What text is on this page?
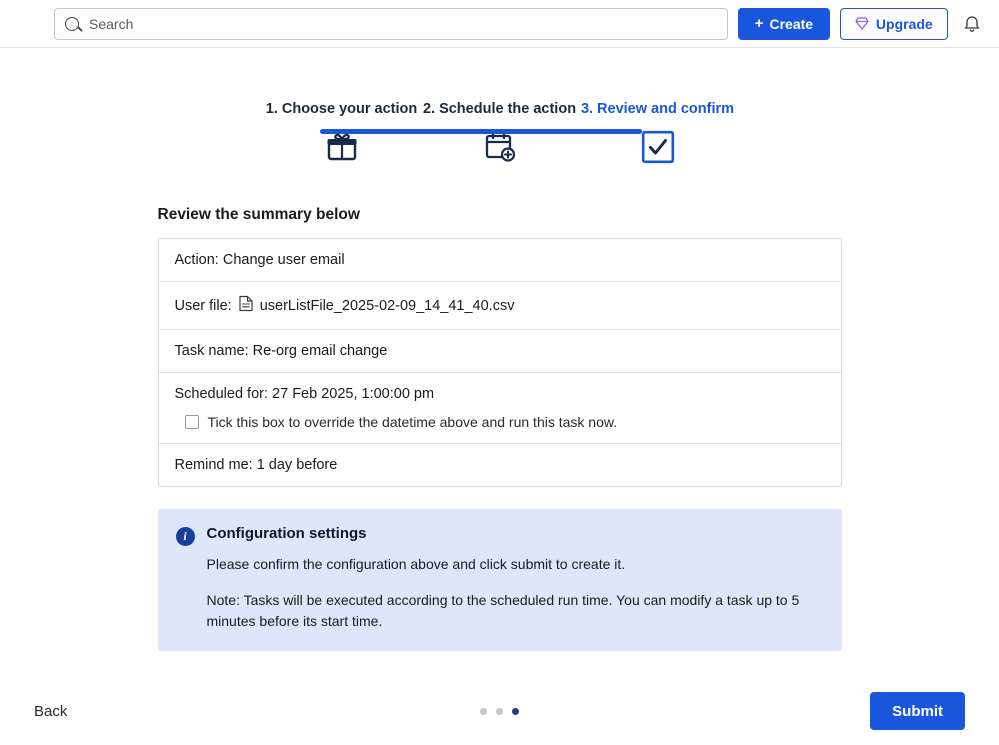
Search	+ Create	Upgrade
1. Choose your action 2. Schedule the action 3. Review and confirm
Review the summary below
Action: Change user email
User file: userListFile_2025-02-09_14_41_40.csv
Task name: Re-org email change
Scheduled for: 27 Feb 2025, 1:00:00 pm
Tick this box to override the datetime above and run this task now.
Remind me: 1 day before
i	Configuration settings

Please confirm the configuration above and click submit to create it.

Note: Tasks will be executed according to the scheduled run time. You can modify a task up to 5 minutes before its start time.

Back	Submit
